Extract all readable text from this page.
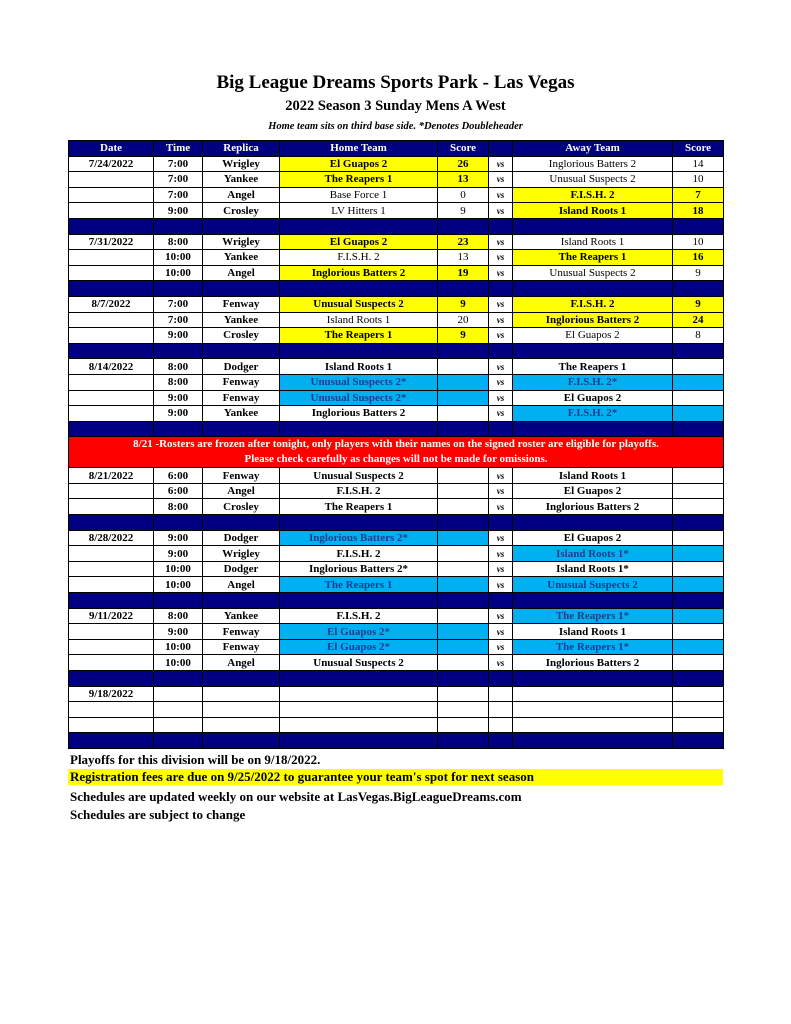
Big League Dreams Sports Park - Las Vegas
2022 Season 3 Sunday Mens A West
Home team sits on third base side. *Denotes Doubleheader
Date	Time	Replica	Home Team	Score		Away Team	Score
7/24/2022	7:00	Wrigley	El Guapos 2	26	vs	Inglorious Batters 2	14
	7:00	Yankee	The Reapers 1	13	vs	Unusual Suspects 2	10
	7:00	Angel	Base Force 1	0	vs	F.I.S.H. 2	7
	9:00	Crosley	LV Hitters 1	9	vs	Island Roots 1	18

7/31/2022	8:00	Wrigley	El Guapos 2	23	vs	Island Roots 1	10
	10:00	Yankee	F.I.S.H. 2	13	vs	The Reapers 1	16
	10:00	Angel	Inglorious Batters 2	19	vs	Unusual Suspects 2	9

8/7/2022	7:00	Fenway	Unusual Suspects 2	9	vs	F.I.S.H. 2	9
	7:00	Yankee	Island Roots 1	20	vs	Inglorious Batters 2	24
	9:00	Crosley	The Reapers 1	9	vs	El Guapos 2	8

8/14/2022	8:00	Dodger	Island Roots 1		vs	The Reapers 1	
	8:00	Fenway	Unusual Suspects 2*		vs	F.I.S.H. 2*	
	9:00	Fenway	Unusual Suspects 2*		vs	El Guapos 2	
	9:00	Yankee	Inglorious Batters 2		vs	F.I.S.H. 2*	

8/21 -Rosters are frozen after tonight, only players with their names on the signed roster are eligible for playoffs.
Please check carefully as changes will not be made for omissions.							

8/21/2022	6:00	Fenway	Unusual Suspects 2		vs	Island Roots 1	
	6:00	Angel	F.I.S.H. 2		vs	El Guapos 2	
	8:00	Crosley	The Reapers 1		vs	Inglorious Batters 2	

8/28/2022	9:00	Dodger	Inglorious Batters 2*		vs	El Guapos 2	
	9:00	Wrigley	F.I.S.H. 2		vs	Island Roots 1*	
	10:00	Dodger	Inglorious Batters 2*		vs	Island Roots 1*	
	10:00	Angel	The Reapers 1		vs	Unusual Suspects 2	

9/11/2022	8:00	Yankee	F.I.S.H. 2		vs	The Reapers 1*	
	9:00	Fenway	El Guapos 2*		vs	Island Roots 1	
	10:00	Fenway	El Guapos 2*		vs	The Reapers 1*	
	10:00	Angel	Unusual Suspects 2		vs	Inglorious Batters 2	

9/18/2022							

Playoffs for this division will be on 9/18/2022.
Registration fees are due on 9/25/2022 to guarantee your team's spot for next season
Schedules are updated weekly on our website at LasVegas.BigLeagueDreams.com
Schedules are subject to change
